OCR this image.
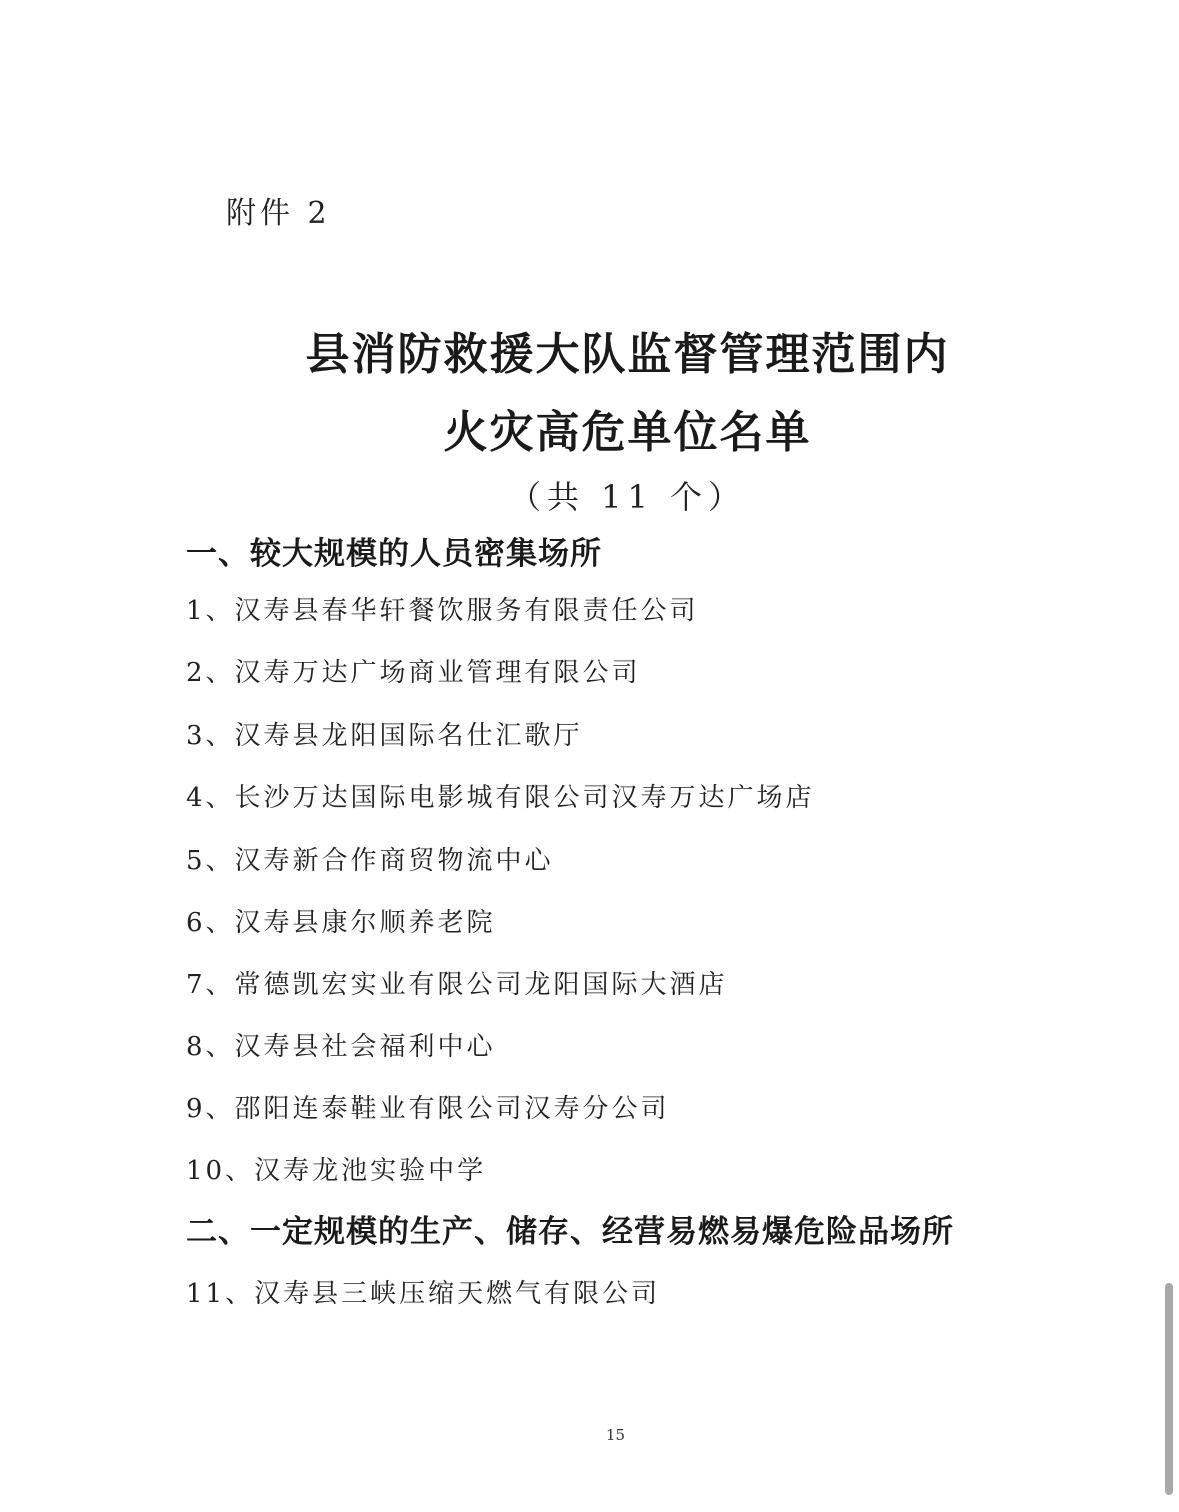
附件 2
县消防救援大队监督管理范围内
火灾高危单位名单
（共 11 个）
一、较大规模的人员密集场所
1、汉寿县春华轩餐饮服务有限责任公司
2、汉寿万达广场商业管理有限公司
3、汉寿县龙阳国际名仕汇歌厅
4、长沙万达国际电影城有限公司汉寿万达广场店
5、汉寿新合作商贸物流中心
6、汉寿县康尔顺养老院
7、常德凯宏实业有限公司龙阳国际大酒店
8、汉寿县社会福利中心
9、邵阳连泰鞋业有限公司汉寿分公司
10、汉寿龙池实验中学
二、一定规模的生产、储存、经营易燃易爆危险品场所
11、汉寿县三峡压缩天燃气有限公司
15
